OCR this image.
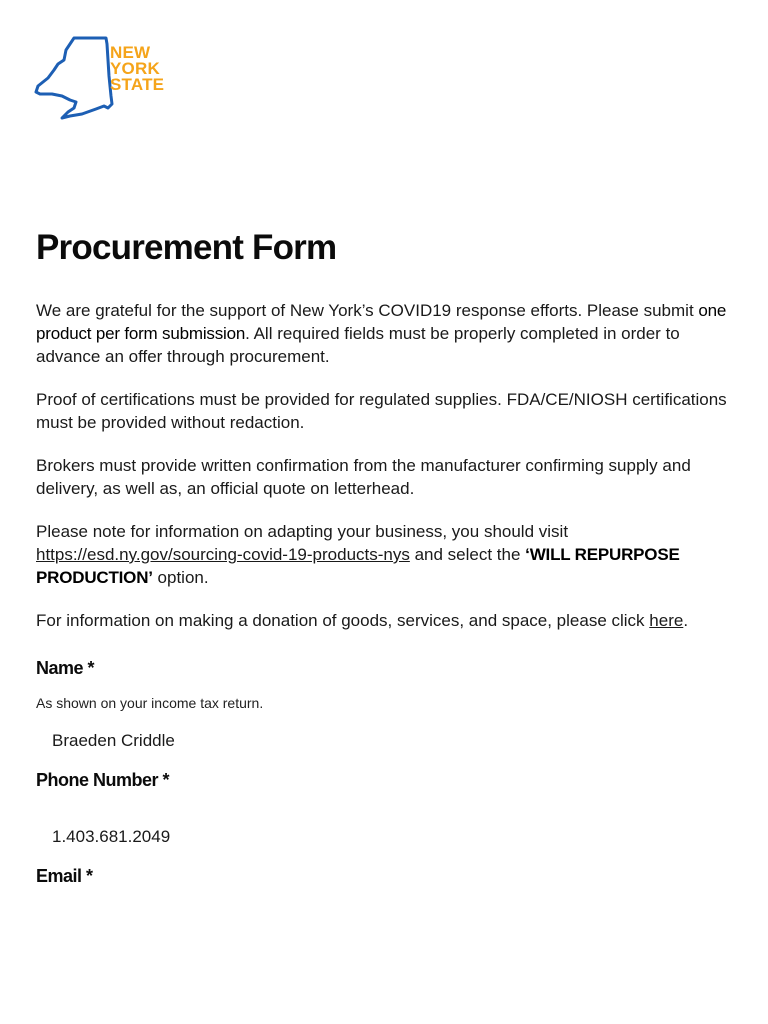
NEW
YORK
STATE
Procurement Form

We are grateful for the support of New York’s COVID19 response efforts. Please submit one product per form submission. All required fields must be properly completed in order to advance an offer through procurement.

Proof of certifications must be provided for regulated supplies. FDA/CE/NIOSH certifications must be provided without redaction.

Brokers must provide written confirmation from the manufacturer confirming supply and delivery, as well as, an official quote on letterhead.

Please note for information on adapting your business, you should visit https://esd.ny.gov/sourcing-covid-19-products-nys and select the ‘WILL REPURPOSE PRODUCTION’ option.

For information on making a donation of goods, services, and space, please click here.

Name *

As shown on your income tax return.

Braeden Criddle

Phone Number *

1.403.681.2049

Email *
